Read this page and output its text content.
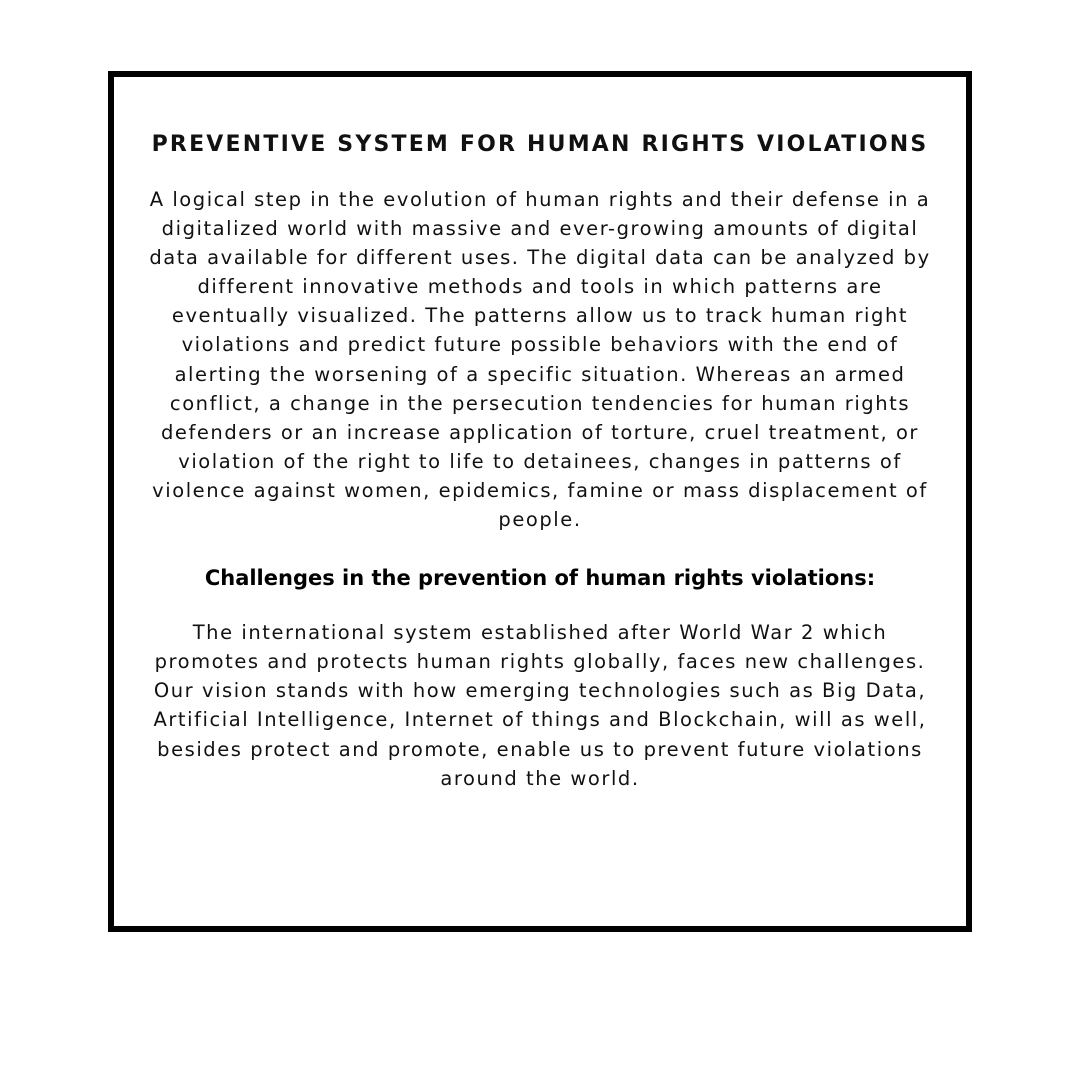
PREVENTIVE SYSTEM FOR HUMAN RIGHTS VIOLATIONS

A logical step in the evolution of human rights and their defense in a digitalized world with massive and ever-growing amounts of digital data available for different uses. The digital data can be analyzed by different innovative methods and tools in which patterns are eventually visualized. The patterns allow us to track human right violations and predict future possible behaviors with the end of alerting the worsening of a specific situation. Whereas an armed conflict, a change in the persecution tendencies for human rights defenders or an increase application of torture, cruel treatment, or violation of the right to life to detainees, changes in patterns of violence against women, epidemics, famine or mass displacement of people.

Challenges in the prevention of human rights violations:

The international system established after World War 2 which promotes and protects human rights globally, faces new challenges. Our vision stands with how emerging technologies such as Big Data, Artificial Intelligence, Internet of things and Blockchain, will as well, besides protect and promote, enable us to prevent future violations around the world.
